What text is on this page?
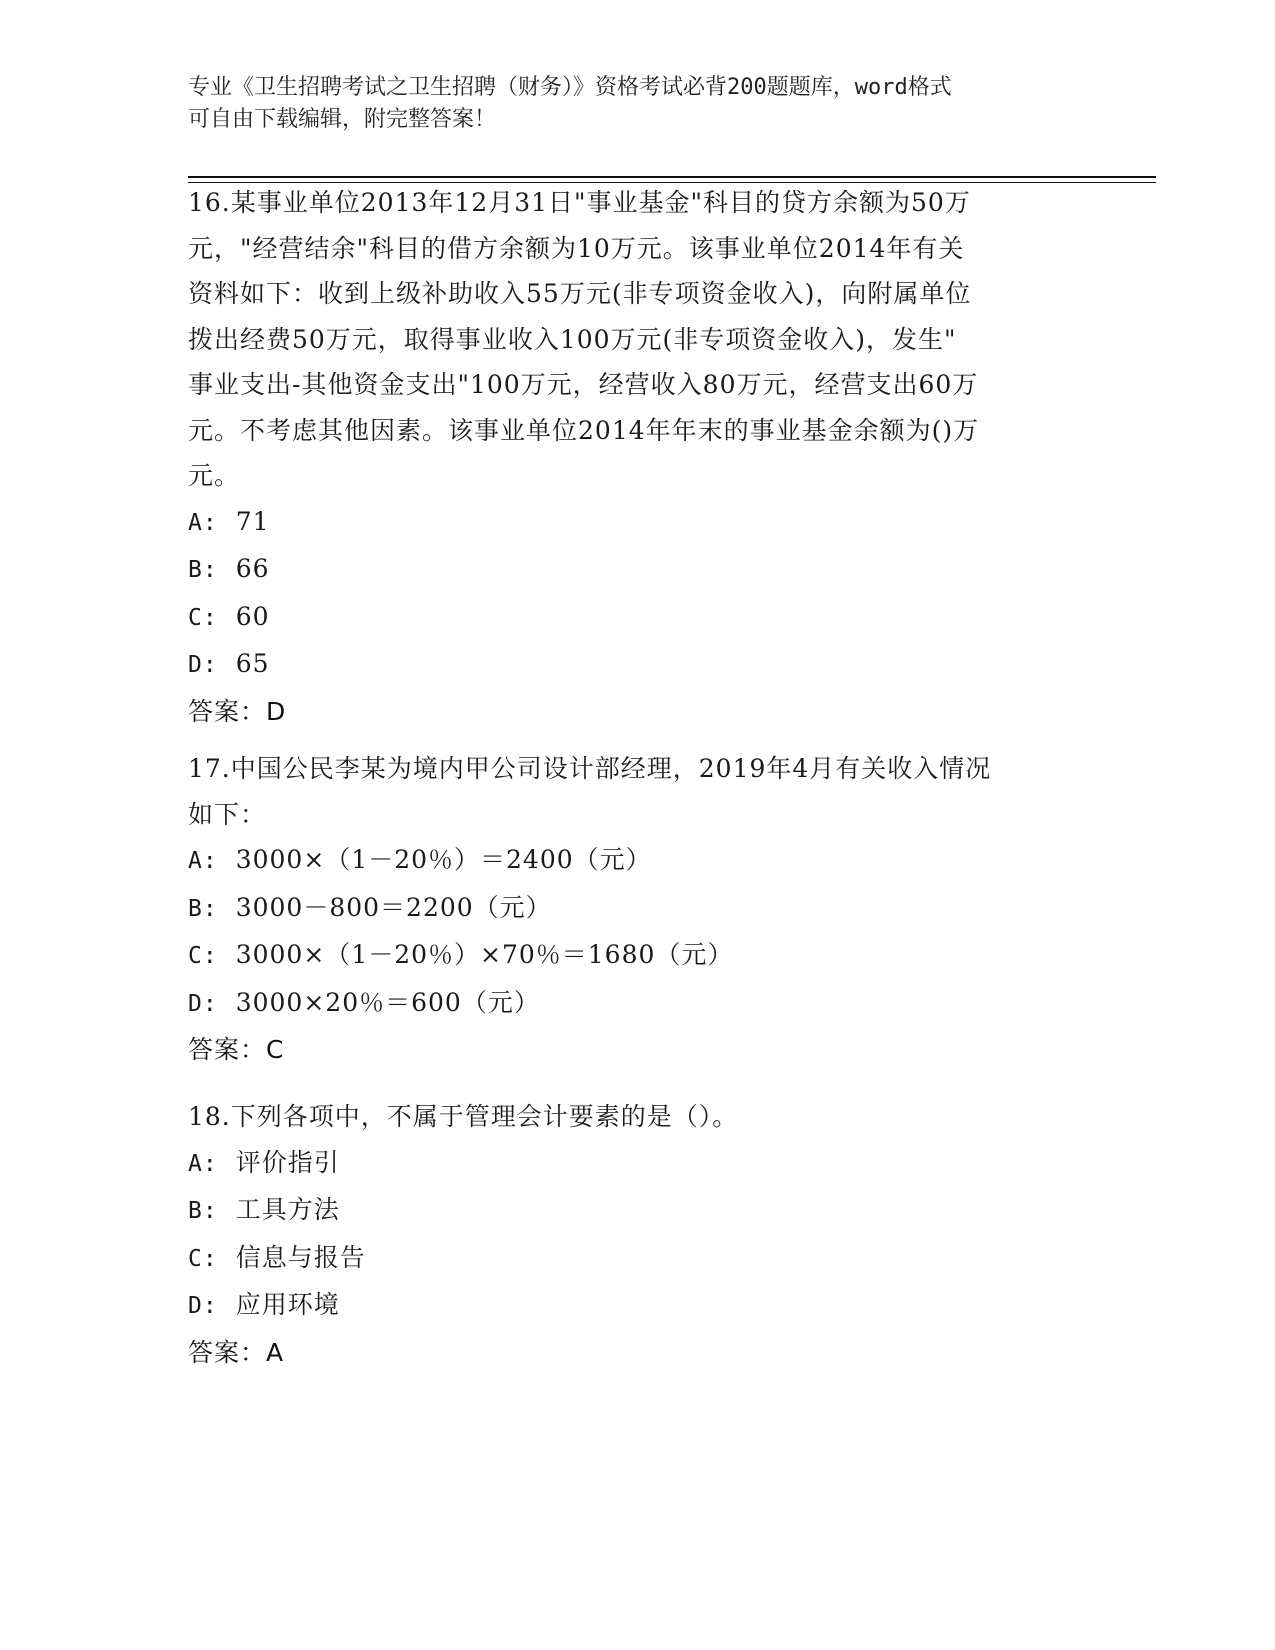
专业《卫生招聘考试之卫生招聘（财务）》资格考试必背200题题库，word格式
可自由下载编辑，附完整答案！

16.某事业单位2013年12月31日"事业基金"科目的贷方余额为50万

元，"经营结余"科目的借方余额为10万元。该事业单位2014年有关

资料如下：收到上级补助收入55万元(非专项资金收入)，向附属单位

拨出经费50万元，取得事业收入100万元(非专项资金收入)，发生"

事业支出-其他资金支出"100万元，经营收入80万元，经营支出60万

元。不考虑其他因素。该事业单位2014年年末的事业基金余额为()万

元。

A: 71

B: 66

C: 60

D: 65

答案：D

17.中国公民李某为境内甲公司设计部经理，2019年4月有关收入情况

如下：

A: 3000×（1－20％）＝2400（元）

B: 3000－800＝2200（元）

C: 3000×（1－20％）×70％＝1680（元）

D: 3000×20％＝600（元）

答案：C

18.下列各项中，不属于管理会计要素的是（）。

A: 评价指引

B: 工具方法

C: 信息与报告

D: 应用环境

答案：A
